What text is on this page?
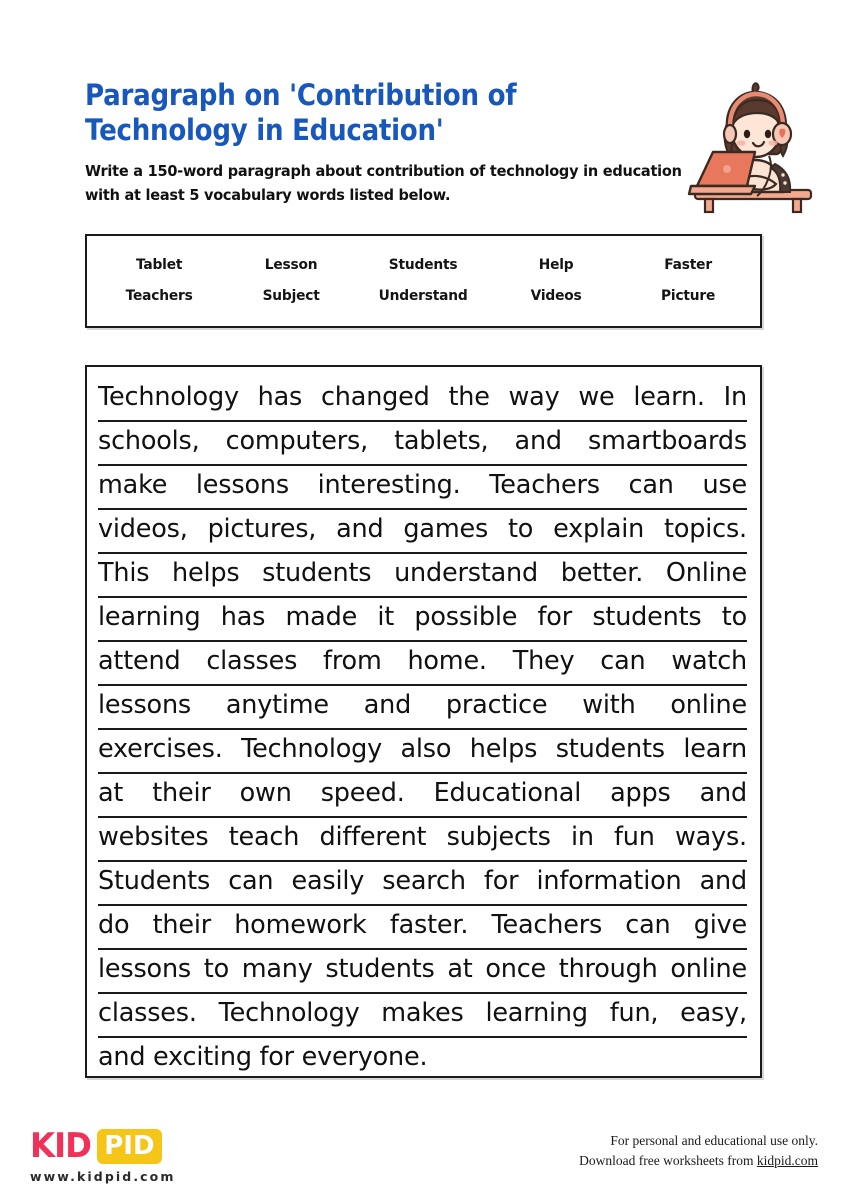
Paragraph on 'Contribution of Technology in Education'

Write a 150-word paragraph about contribution of technology in education with at least 5 vocabulary words listed below.

Tablet	Lesson	Students	Help	Faster
Teachers	Subject	Understand	Videos	Picture
Technology has changed the way we learn. In
schools, computers, tablets, and smartboards
make lessons interesting. Teachers can use
videos, pictures, and games to explain topics.
This helps students understand better. Online
learning has made it possible for students to
attend classes from home. They can watch
lessons anytime and practice with online
exercises. Technology also helps students learn
at their own speed. Educational apps and
websites teach different subjects in fun ways.
Students can easily search for information and
do their homework faster. Teachers can give
lessons to many students at once through online
classes. Technology makes learning fun, easy,
and exciting for everyone.
KID PID
www.kidpid.com
For personal and educational use only.
Download free worksheets from kidpid.com
